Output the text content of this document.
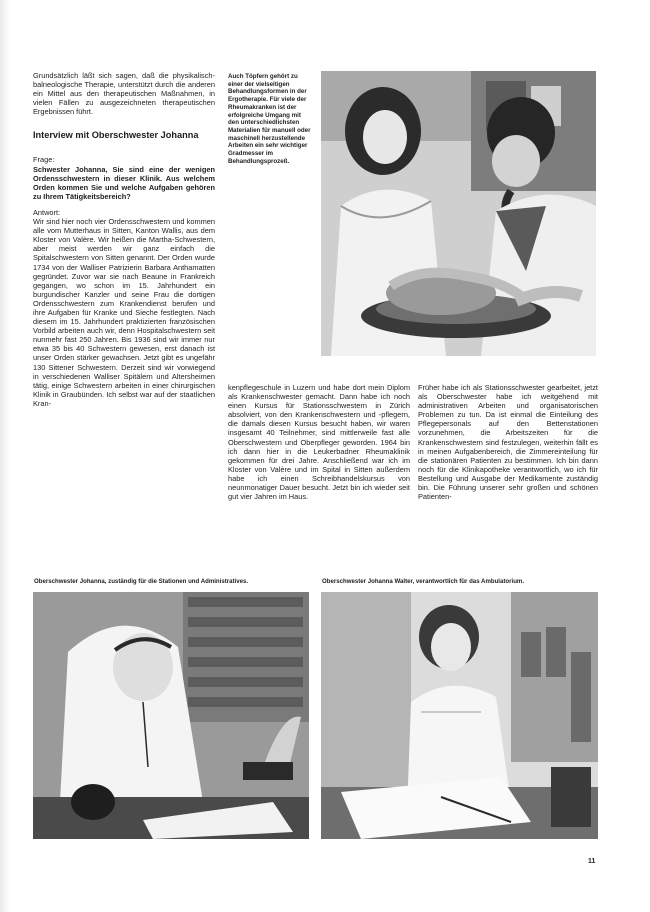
Grundsätzlich läßt sich sagen, daß die physikalisch-balneologische Therapie, unterstützt durch die anderen ein Mittel aus den therapeutischen Maßnahmen, in vielen Fällen zu ausgezeichneten therapeutischen Ergebnissen führt.

Interview mit Oberschwester Johanna

Frage:

Schwester Johanna, Sie sind eine der wenigen Ordensschwestern in dieser Klinik. Aus welchem Orden kommen Sie und welche Aufgaben gehören zu Ihrem Tätigkeitsbereich?

Antwort:

Wir sind hier noch vier Ordensschwestern und kommen alle vom Mutterhaus in Sitten, Kanton Wallis, aus dem Kloster von Valère. Wir heißen die Martha-Schwestern, aber meist werden wir ganz einfach die Spitalschwestern von Sitten genannt. Der Orden wurde 1734 von der Walliser Patrizierin Barbara Anthamatten gegründet. Zuvor war sie nach Beaune in Frankreich gegangen, wo schon im 15. Jahrhundert ein burgundischer Kanzler und seine Frau die dortigen Ordensschwestern zum Krankendienst berufen und ihre Aufgaben für Kranke und Sieche festlegten. Nach diesem im 15. Jahrhundert praktizierten französischen Vorbild arbeiten auch wir, denn Hospitalschwestern seit nunmehr fast 250 Jahren. Bis 1936 sind wir immer nur etwa 35 bis 40 Schwestern gewesen, erst danach ist unser Orden stärker gewachsen. Jetzt gibt es ungefähr 130 Sittener Schwestern. Derzeit sind wir vorwiegend in verschiedenen Walliser Spitälern und Altersheimen tätig, einige Schwestern arbeiten in einer chirurgischen Klinik in Graubünden. Ich selbst war auf der staatlichen Kran-

Auch Töpfern gehört zu einer der vielseitigen Behandlungsformen in der Ergotherapie. Für viele der Rheumakranken ist der erfolgreiche Umgang mit den unterschiedlichsten Materialien für manuell oder maschinell herzustellende Arbeiten ein sehr wichtiger Gradmesser im Behandlungsprozeß.

kenpflegeschule in Luzern und habe dort mein Diplom als Krankenschwester gemacht. Dann habe ich noch einen Kursus für Stationsschwestern in Zürich absolviert, von den Krankenschwestern und -pflegern, die damals diesen Kursus besucht haben, wir waren insgesamt 40 Teilnehmer, sind mittlerweile fast alle Oberschwestern und Oberpfleger geworden. 1964 bin ich dann hier in die Leukerbadner Rheumaklinik gekommen für drei Jahre. Anschließend war ich im Kloster von Valère und im Spital in Sitten außerdem habe ich einen Schreibhandelskursus von neunmonatiger Dauer besucht. Jetzt bin ich wieder seit gut vier Jahren im Haus.

Früher habe ich als Stationsschwester gearbeitet, jetzt als Oberschwester habe ich weitgehend mit administrativen Arbeiten und organisatorischen Problemen zu tun. Da ist einmal die Einteilung des Pflegepersonals auf den Bettenstationen vorzunehmen, die Arbeitszeiten für die Krankenschwestern sind festzulegen, weiterhin fällt es in meinen Aufgabenbereich, die Zimmereinteilung für die stationären Patienten zu bestimmen. Ich bin dann noch für die Klinikapotheke verantwortlich, wo ich für Bestellung und Ausgabe der Medikamente zuständig bin. Die Führung unserer sehr großen und schönen Patienten-

Oberschwester Johanna, zuständig für die Stationen und Administratives.	Oberschwester Johanna Walter, verantwortlich für das Ambulatorium.
11
